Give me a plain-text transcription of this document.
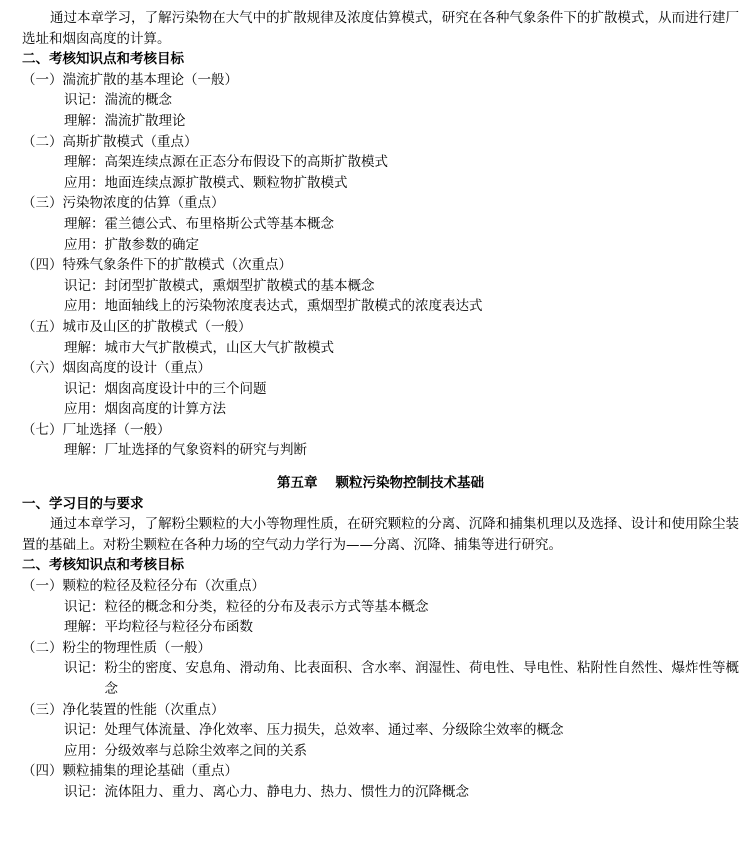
通过本章学习，了解污染物在大气中的扩散规律及浓度估算模式，研究在各种气象条件下的扩散模式，从而进行建厂选址和烟囱高度的计算。

二、考核知识点和考核目标

（一）湍流扩散的基本理论（一般）

识记：湍流的概念

理解：湍流扩散理论

（二）高斯扩散模式（重点）

理解：高架连续点源在正态分布假设下的高斯扩散模式

应用：地面连续点源扩散模式、颗粒物扩散模式

（三）污染物浓度的估算（重点）

理解：霍兰德公式、布里格斯公式等基本概念

应用：扩散参数的确定

（四）特殊气象条件下的扩散模式（次重点）

识记：封闭型扩散模式，熏烟型扩散模式的基本概念

应用：地面轴线上的污染物浓度表达式，熏烟型扩散模式的浓度表达式

（五）城市及山区的扩散模式（一般）

理解：城市大气扩散模式，山区大气扩散模式

（六）烟囱高度的设计（重点）

识记：烟囱高度设计中的三个问题

应用：烟囱高度的计算方法

（七）厂址选择（一般）

理解：厂址选择的气象资料的研究与判断

第五章 颗粒污染物控制技术基础

一、学习目的与要求

通过本章学习，了解粉尘颗粒的大小等物理性质，在研究颗粒的分离、沉降和捕集机理以及选择、设计和使用除尘装置的基础上。对粉尘颗粒在各种力场的空气动力学行为——分离、沉降、捕集等进行研究。

二、考核知识点和考核目标

（一）颗粒的粒径及粒径分布（次重点）

识记： 粒径的概念和分类，粒径的分布及表示方式等基本概念
理解： 平均粒径与粒径分布函数

（二）粉尘的物理性质（一般）

识记： 粉尘的密度、安息角、滑动角、比表面积、含水率、润湿性、荷电性、导电性、粘附性自然性、爆炸性等概念

（三）净化装置的性能（次重点）

识记： 处理气体流量、净化效率、压力损失，总效率、通过率、分级除尘效率的概念
应用： 分级效率与总除尘效率之间的关系

（四）颗粒捕集的理论基础（重点）

识记： 流体阻力、重力、离心力、静电力、热力、惯性力的沉降概念
